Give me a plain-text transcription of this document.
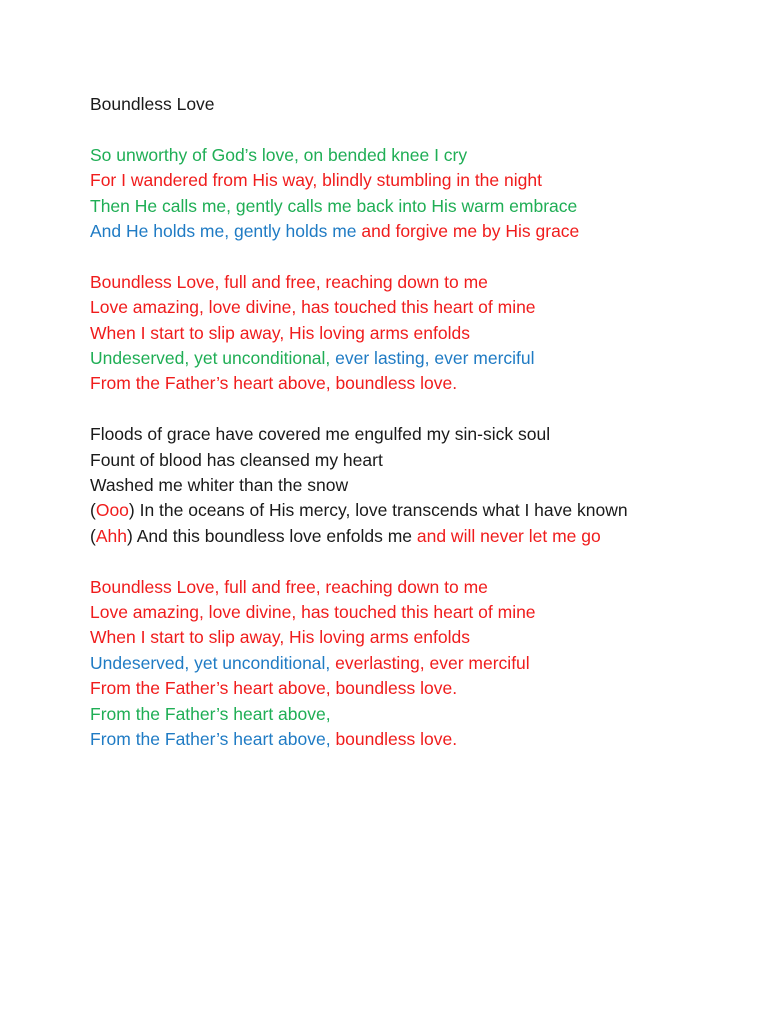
Boundless Love
So unworthy of God’s love, on bended knee I cry
For I wandered from His way, blindly stumbling in the night
Then He calls me, gently calls me back into His warm embrace
And He holds me, gently holds me and forgive me by His grace
Boundless Love, full and free, reaching down to me
Love amazing, love divine, has touched this heart of mine
When I start to slip away, His loving arms enfolds
Undeserved, yet unconditional, ever lasting, ever merciful
From the Father’s heart above, boundless love.
Floods of grace have covered me engulfed my sin-sick soul
Fount of blood has cleansed my heart
Washed me whiter than the snow
(Ooo) In the oceans of His mercy, love transcends what I have known
(Ahh) And this boundless love enfolds me and will never let me go
Boundless Love, full and free, reaching down to me
Love amazing, love divine, has touched this heart of mine
When I start to slip away, His loving arms enfolds
Undeserved, yet unconditional, everlasting, ever merciful
From the Father’s heart above, boundless love.
From the Father’s heart above,
From the Father’s heart above, boundless love.
